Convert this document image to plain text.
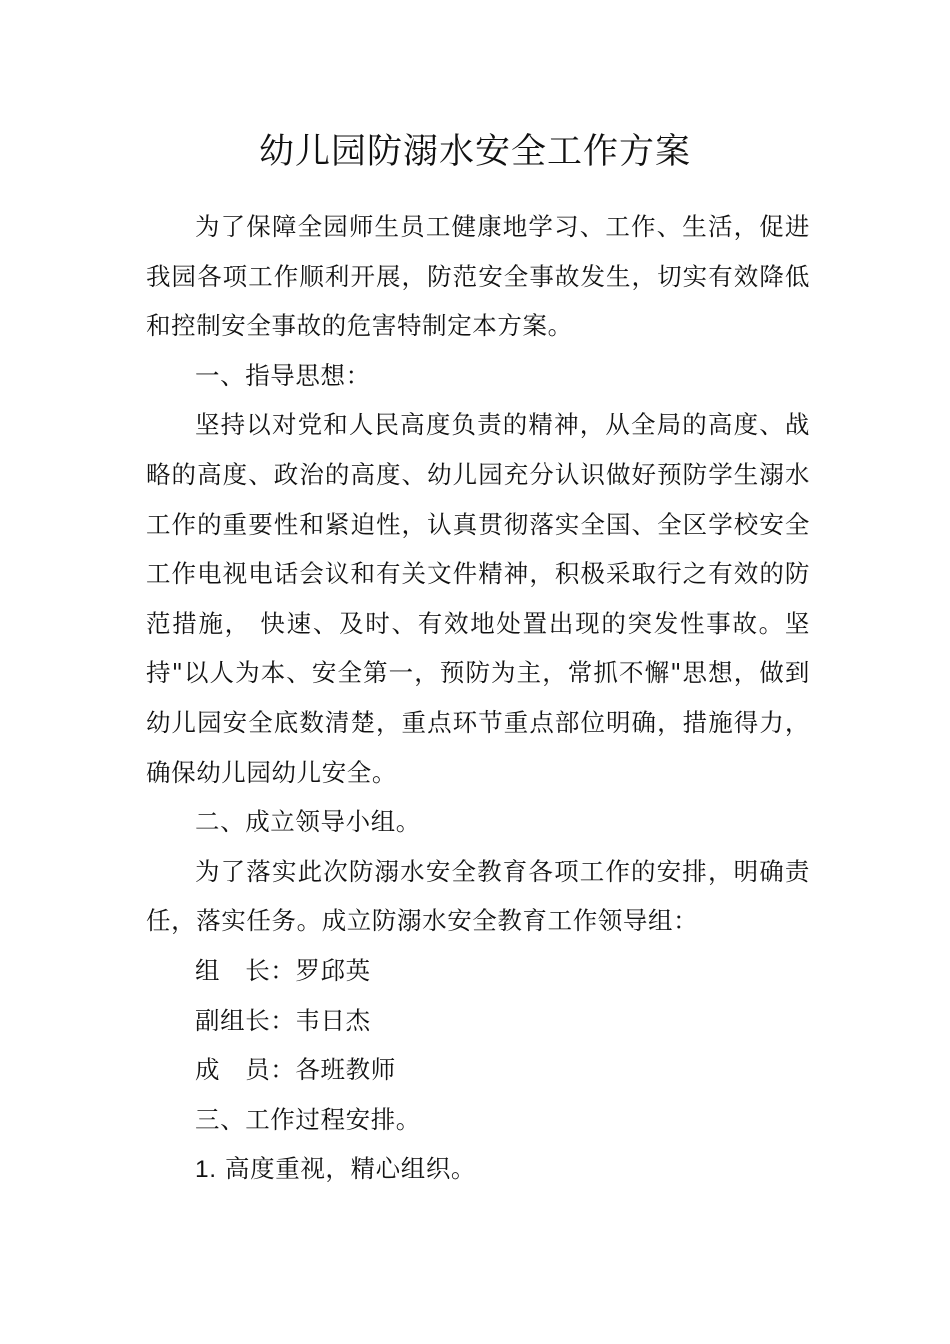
幼儿园防溺水安全工作方案

为了保障全园师生员工健康地学习、工作、生活，促进我园各项工作顺利开展，防范安全事故发生，切实有效降低和控制安全事故的危害特制定本方案。

一、指导思想：

坚持以对党和人民高度负责的精神，从全局的高度、战略的高度、政治的高度、幼儿园充分认识做好预防学生溺水工作的重要性和紧迫性，认真贯彻落实全国、全区学校安全工作电视电话会议和有关文件精神，积极采取行之有效的防范措施， 快速、及时、有效地处置出现的突发性事故。坚持"以人为本、安全第一，预防为主，常抓不懈"思想，做到幼儿园安全底数清楚，重点环节重点部位明确，措施得力，确保幼儿园幼儿安全。

二、成立领导小组。

为了落实此次防溺水安全教育各项工作的安排，明确责任，落实任务。成立防溺水安全教育工作领导组：

组　长：罗邱英

副组长：韦日杰

成　员：各班教师

三、工作过程安排。

1. 高度重视，精心组织。
